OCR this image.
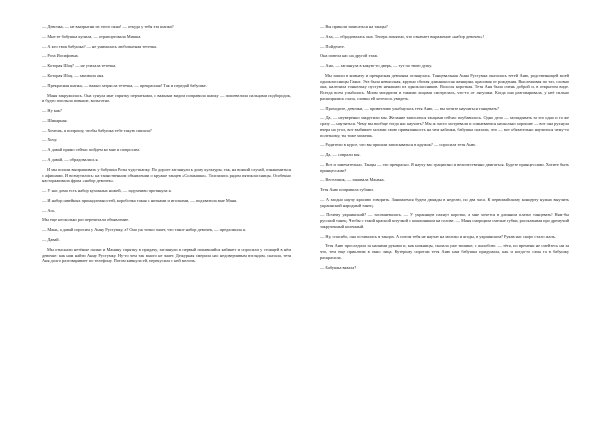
— Девочка, — не выпрыгни из этого окна! — откуда у тебя эта шапка?

— Мне ее бабушка купила, — отрапортовала Мишка.

— А кто твоя бабушка? — не унималась любопытная тетечка.

— Роза Иосифовна.

— Которая Шац? — не утихала тетечка.

— Которая Шац, — закивала она.

— Прекрасная шапка, — важно затрясла тетечка, — прекрасная! Так и передай бабушке.

Маня закружилась. Она сунула мне спрятку перчатками, с важным видом поправила шапку — пошевелила пальцами подбородок, и будто поплыла повыше, вольготно.

— Ну как?

— Шикарная.

— Хочешь, я попрошу, чтобы бабушка тебе такую связала?

— Хочу.

— А давай прямо сейчас пойдем ко мне и попросим.

— А давай, — обрадовалась я.

И мы пошли выпрашивать у бабушки Розы чудо-шапку. По дороге заглянули к дому культуры, так, на всякий случай, ознакомиться с афишами. И возмутились: на таинственном объявлении о кружке танцев «Солнышко». Толпились рядом пятиклассницы. Особенно настораживала фраза «набор девочек».

— У нас дома есть набор кухонных ножей, — задумчиво протянула я.

— И набор швейных принадлежностей, коробочка такая с нитками и иголками, — подхватила мне Маня.

— Ась.

Мы еще несколько раз перечитали объявление.

— Мань, а давай спросим у Анну Рустумку, а? Она уж точно знает, что такое набор девочек, — предложила я.

— Давай.

Мы отыскали нетёные палки и Манину спрятку в придачу, заглянули в первый попавшийся кабинет и спросили у стоящей в нём девочке: как нам найти Анну Рустумку. Ну-то чем так много не знает. Дежурная смерила нас недоверчивым взглядом, сказала, тетя Аня долго разговаривает по телефону. Потом кивнула ей, перекусила с ней мелочь.

— Вы пришли записаться на танцы?

— Аха, — обрадовалась она. Теперь понятно, что означает выражение «набор девочек»!

— Пойдемте.

Она повела нас на другой этаж.

— Ано, — заглянула в какую-то дверь, — тут по твою душу.

Мы зашли в комнату и прекрасная девчонка оглянулась. Танцевальная Анна Рустумка оказалась тетей Аню, родственницей моей одноклассницы Гаянэ. Эта была невысокая, крупно сбитая длинноносая женщина, красивая от рождения. Выслеживая по таз, словно она, налепила тоннельку пустую ненашаю из одноклассников. Волосы короткая. Тетя Аня была очень доброй и, в открытом виде. Всегда всем улыбалась. Моим моцартом и такими лицами смотрелась, что-то от лягушки. Когда она разговаривала, у неё сильно расширялись глаза, словно ей хотелось увидеть.

— Проходите, девочки, — приветливо улыбнулась тетя Аню, — вы хотите научиться танцевать?

— Да, — неуверенно закрутили мы. Желание записаться танцами сейчас поубавилось. Одно дело — заглядывать за это одно и то же сразу — научиться. Чему вы вообще тогда нас научить? Мы ж часто застревали и сомневаемся насколько хорошие — вот она рухнула вчера на угол, вот выбивает ногами свою привязанность на чем кабачки, бабушка сказали, что — вот обязательно научиться чему-то полезному, ты тоже можешь.

— Родители в курсе, что вы пришли записываться в кружок? — спросила тетя Аню.

— Да, — соврали мы.

— Вот и замечательно. Танцы — это прекрасно. Я научу вас грациозно и величественно двигаться. Будете принцессами. Хотите быть принцессами?

— Весельчик, — закивала Манька.

Тетя Аню поправила губами.

— А заодно научу красиво говорить. Занимаемся будем дважды в неделю, по два часа. К первомайскому концерту нужно выучить украинский народный танец.

— Почему украинский? — засомневалась. — У украинцев пахнут коротко, а мне хочется в длинном платье танцевать! Ням-бы русский танец. Чтобы с такой красной штучкой с кокошником на голове. — Маня сморщила смелые губки, рассказывая про дремучий закрученный коленный.

— Ну, спасибо, она оставалась в танцах. А потом тебя не научат на молоко и ягоды, в украинском? Рукав нас скоро стало жаль.

Тетя Аню проследила за нашими руками и, как ножницы, сказала уже тишине, с жалобою: — тётя, по времени не смейтесь ни за что, тем еще приклеим в окно лица. Кутерьму сиротам тетя Аню нам бабушка придумала, как и когда-то сама та в бабушку раскрасила.

— Бабушка вязала?
